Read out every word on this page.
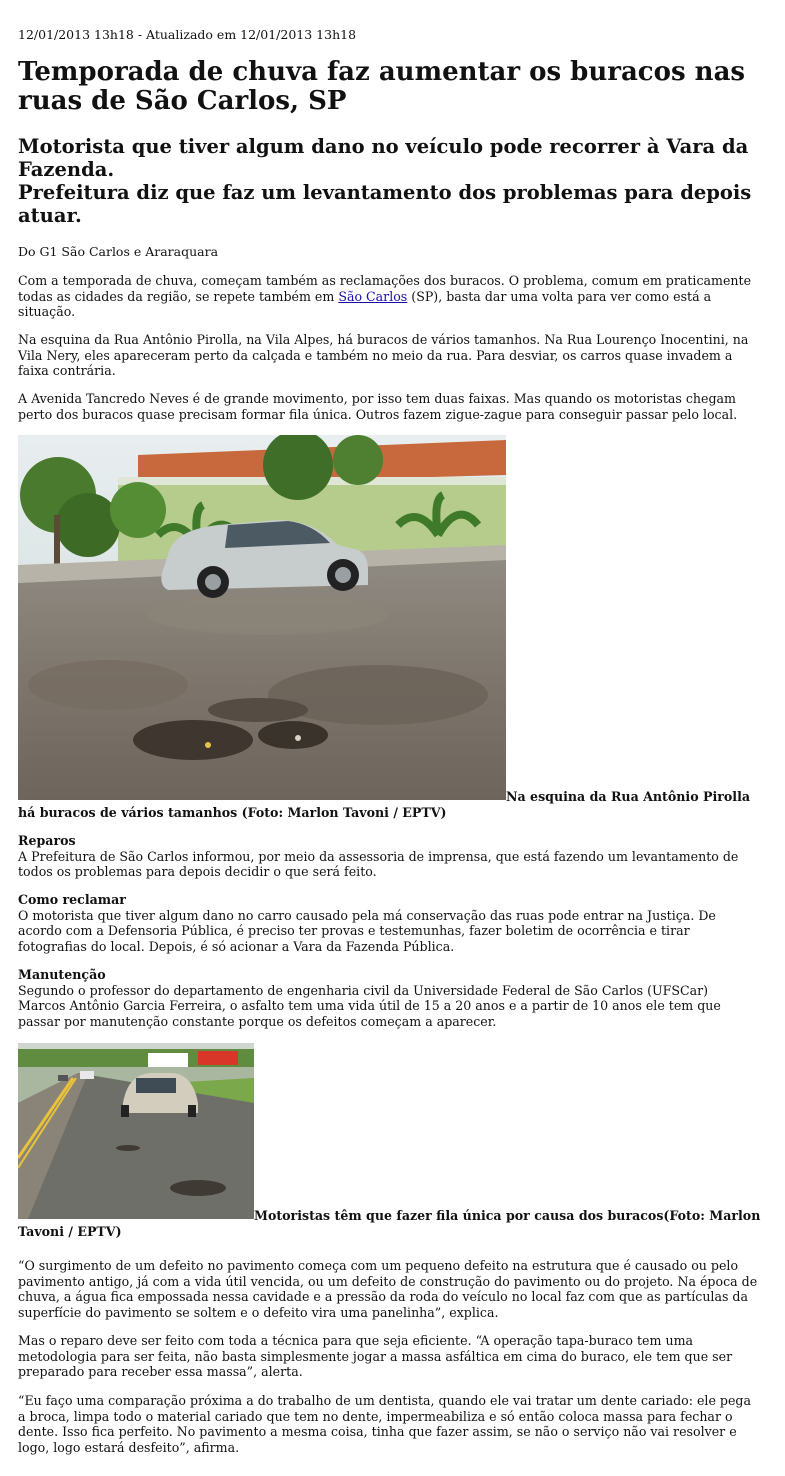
12/01/2013 13h18 - Atualizado em 12/01/2013 13h18
Temporada de chuva faz aumentar os buracos nas ruas de São Carlos, SP
Motorista que tiver algum dano no veículo pode recorrer à Vara da Fazenda.
Prefeitura diz que faz um levantamento dos problemas para depois atuar.
Do G1 São Carlos e Araraquara

Com a temporada de chuva, começam também as reclamações dos buracos. O problema, comum em praticamente todas as cidades da região, se repete também em São Carlos (SP), basta dar uma volta para ver como está a situação.

Na esquina da Rua Antônio Pirolla, na Vila Alpes, há buracos de vários tamanhos. Na Rua Lourenço Inocentini, na Vila Nery, eles apareceram perto da calçada e também no meio da rua. Para desviar, os carros quase invadem a faixa contrária.

A Avenida Tancredo Neves é de grande movimento, por isso tem duas faixas. Mas quando os motoristas chegam perto dos buracos quase precisam formar fila única. Outros fazem zigue-zague para conseguir passar pelo local.

Na esquina da Rua Antônio Pirolla há buracos de vários tamanhos (Foto: Marlon Tavoni / EPTV)

Reparos
A Prefeitura de São Carlos informou, por meio da assessoria de imprensa, que está fazendo um levantamento de todos os problemas para depois decidir o que será feito.

Como reclamar
O motorista que tiver algum dano no carro causado pela má conservação das ruas pode entrar na Justiça. De acordo com a Defensoria Pública, é preciso ter provas e testemunhas, fazer boletim de ocorrência e tirar fotografias do local. Depois, é só acionar a Vara da Fazenda Pública.

Manutenção
Segundo o professor do departamento de engenharia civil da Universidade Federal de São Carlos (UFSCar) Marcos Antônio Garcia Ferreira, o asfalto tem uma vida útil de 15 a 20 anos e a partir de 10 anos ele tem que passar por manutenção constante porque os defeitos começam a aparecer.

Motoristas têm que fazer fila única por causa dos buracos(Foto: Marlon Tavoni / EPTV)

“O surgimento de um defeito no pavimento começa com um pequeno defeito na estrutura que é causado ou pelo pavimento antigo, já com a vida útil vencida, ou um defeito de construção do pavimento ou do projeto. Na época de chuva, a água fica empossada nessa cavidade e a pressão da roda do veículo no local faz com que as partículas da superfície do pavimento se soltem e o defeito vira uma panelinha”, explica.

Mas o reparo deve ser feito com toda a técnica para que seja eficiente. “A operação tapa-buraco tem uma metodologia para ser feita, não basta simplesmente jogar a massa asfáltica em cima do buraco, ele tem que ser preparado para receber essa massa”, alerta.

“Eu faço uma comparação próxima a do trabalho de um dentista, quando ele vai tratar um dente cariado: ele pega a broca, limpa todo o material cariado que tem no dente, impermeabiliza e só então coloca massa para fechar o dente. Isso fica perfeito. No pavimento a mesma coisa, tinha que fazer assim, se não o serviço não vai resolver e logo, logo estará desfeito”, afirma.
